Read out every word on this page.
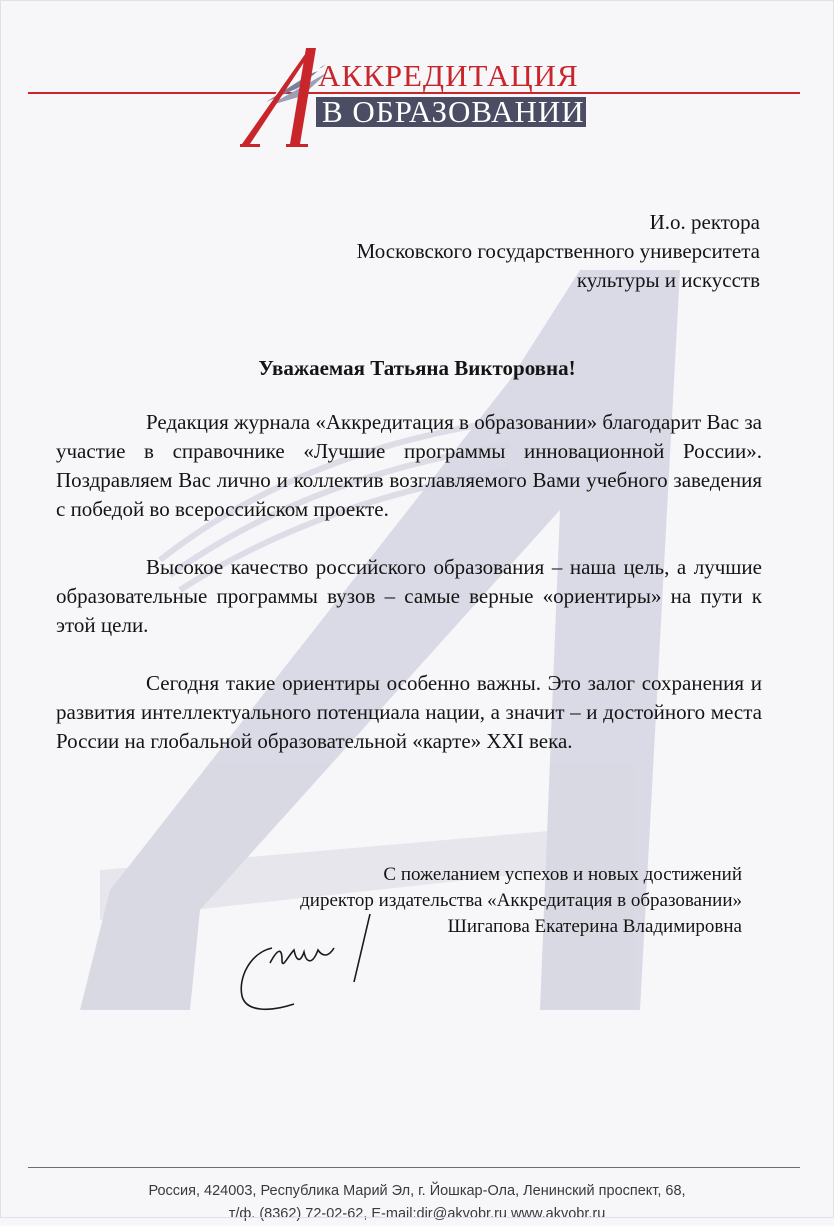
АККРЕДИТАЦИЯ
В ОБРАЗОВАНИИ
И.о. ректора
Московского государственного университета
культуры и искусств
Уважаемая Татьяна Викторовна!

Редакция журнала «Аккредитация в образовании» благодарит Вас за участие в справочнике «Лучшие программы инновационной России». Поздравляем Вас лично и коллектив возглавляемого Вами учебного заведения с победой во всероссийском проекте.

Высокое качество российского образования – наша цель, а лучшие образовательные программы вузов – самые верные «ориентиры» на пути к этой цели.

Сегодня такие ориентиры особенно важны. Это залог сохранения и развития интеллектуального потенциала нации, а значит – и достойного места России на глобальной образовательной «карте» XXI века.

С пожеланием успехов и новых достижений
директор издательства «Аккредитация в образовании»
Шигапова Екатерина Владимировна
Россия, 424003, Республика Марий Эл, г. Йошкар-Ола, Ленинский проспект, 68,
т/ф. (8362) 72-02-62, E-mail:dir@akvobr.ru www.akvobr.ru
